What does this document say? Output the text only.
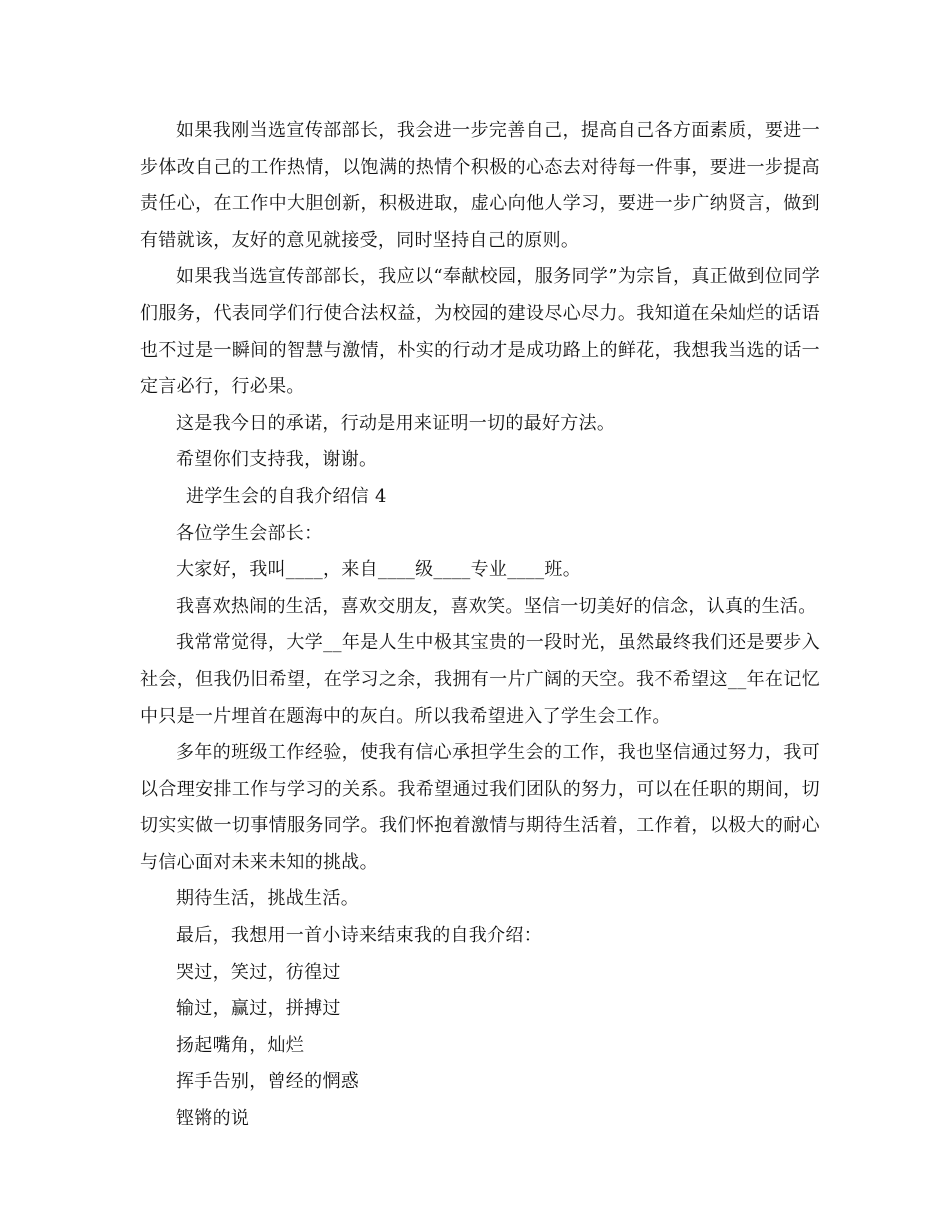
如果我刚当选宣传部部长，我会进一步完善自己，提高自己各方面素质，要进一步体改自己的工作热情，以饱满的热情个积极的心态去对待每一件事，要进一步提高责任心，在工作中大胆创新，积极进取，虚心向他人学习，要进一步广纳贤言，做到有错就该，友好的意见就接受，同时坚持自己的原则。

如果我当选宣传部部长，我应以“奉献校园，服务同学”为宗旨，真正做到位同学们服务，代表同学们行使合法权益，为校园的建设尽心尽力。我知道在朵灿烂的话语也不过是一瞬间的智慧与激情，朴实的行动才是成功路上的鲜花，我想我当选的话一定言必行，行必果。

这是我今日的承诺，行动是用来证明一切的最好方法。

希望你们支持我，谢谢。

进学生会的自我介绍信 4

各位学生会部长：

大家好，我叫____，来自____级____专业____班。

我喜欢热闹的生活，喜欢交朋友，喜欢笑。坚信一切美好的信念，认真的生活。

我常常觉得，大学__年是人生中极其宝贵的一段时光，虽然最终我们还是要步入社会，但我仍旧希望，在学习之余，我拥有一片广阔的天空。我不希望这__年在记忆中只是一片埋首在题海中的灰白。所以我希望进入了学生会工作。

多年的班级工作经验，使我有信心承担学生会的工作，我也坚信通过努力，我可以合理安排工作与学习的关系。我希望通过我们团队的努力，可以在任职的期间，切切实实做一切事情服务同学。我们怀抱着激情与期待生活着，工作着，以极大的耐心与信心面对未来未知的挑战。

期待生活，挑战生活。

最后，我想用一首小诗来结束我的自我介绍：

哭过，笑过，彷徨过

输过，赢过，拼搏过

扬起嘴角，灿烂

挥手告别，曾经的惘惑

铿锵的说
